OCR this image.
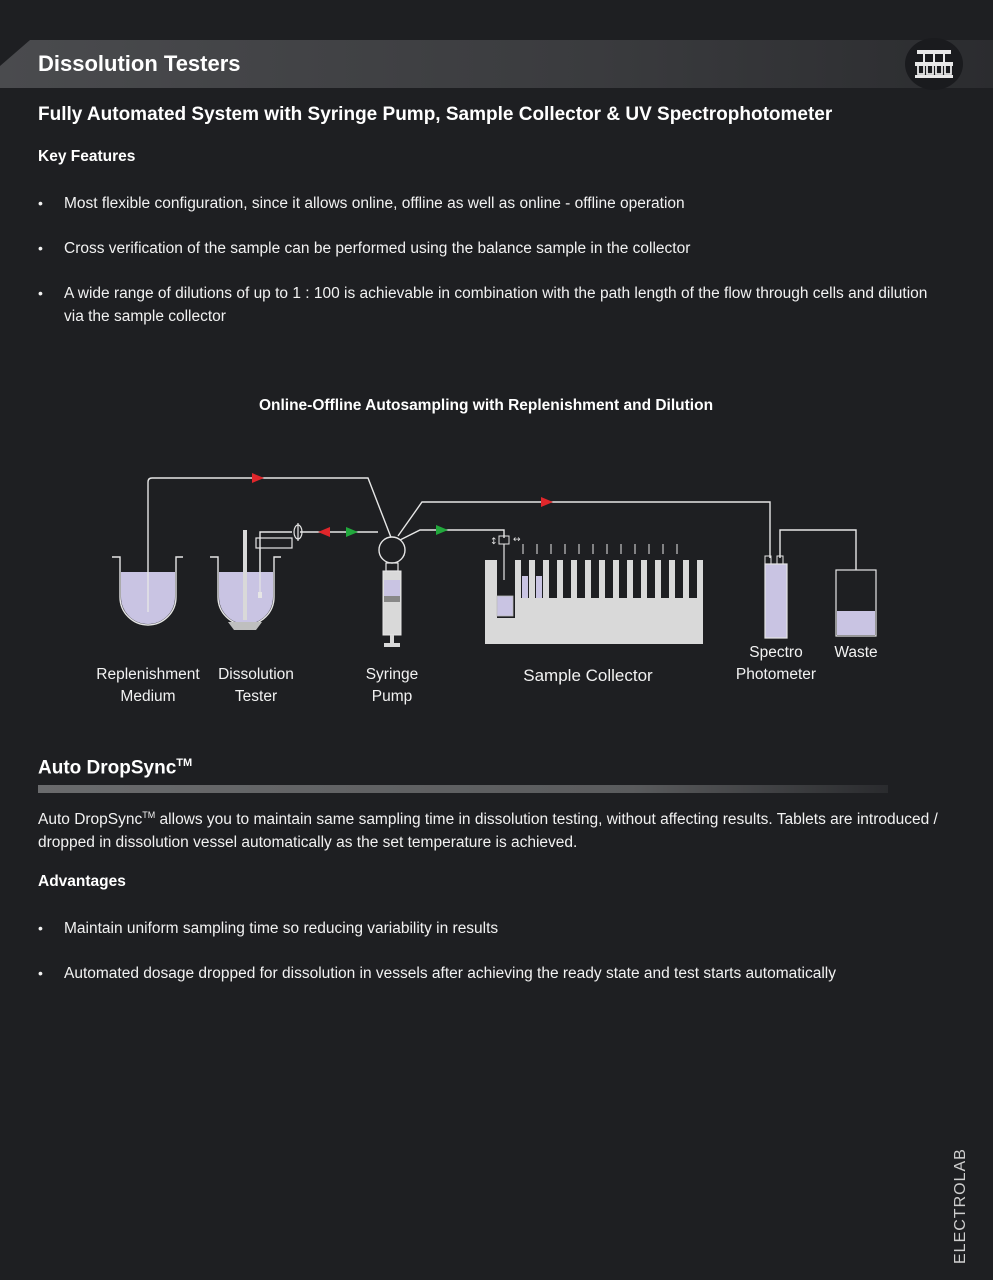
Dissolution Testers
Fully Automated System with Syringe Pump, Sample Collector & UV Spectrophotometer
Key Features
• Most flexible configuration, since it allows online, offline as well as online - offline operation
• Cross verification of the sample can be performed using the balance sample in the collector
• A wide range of dilutions of up to 1 : 100 is achievable in combination with the path length of the flow through cells and dilution via the sample collector
Online-Offline Autosampling with Replenishment and Dilution
↕ ↔
Replenishment
Medium
Dissolution
Tester
Syringe
Pump
Sample Collector
Spectro
Photometer
Waste
Auto DropSync™
Auto DropSync™ allows you to maintain same sampling time in dissolution testing, without affecting results. Tablets are introduced / dropped in dissolution vessel automatically as the set temperature is achieved.
Advantages
• Maintain uniform sampling time so reducing variability in results
• Automated dosage dropped for dissolution in vessels after achieving the ready state and test starts automatically
ELECTROLAB
